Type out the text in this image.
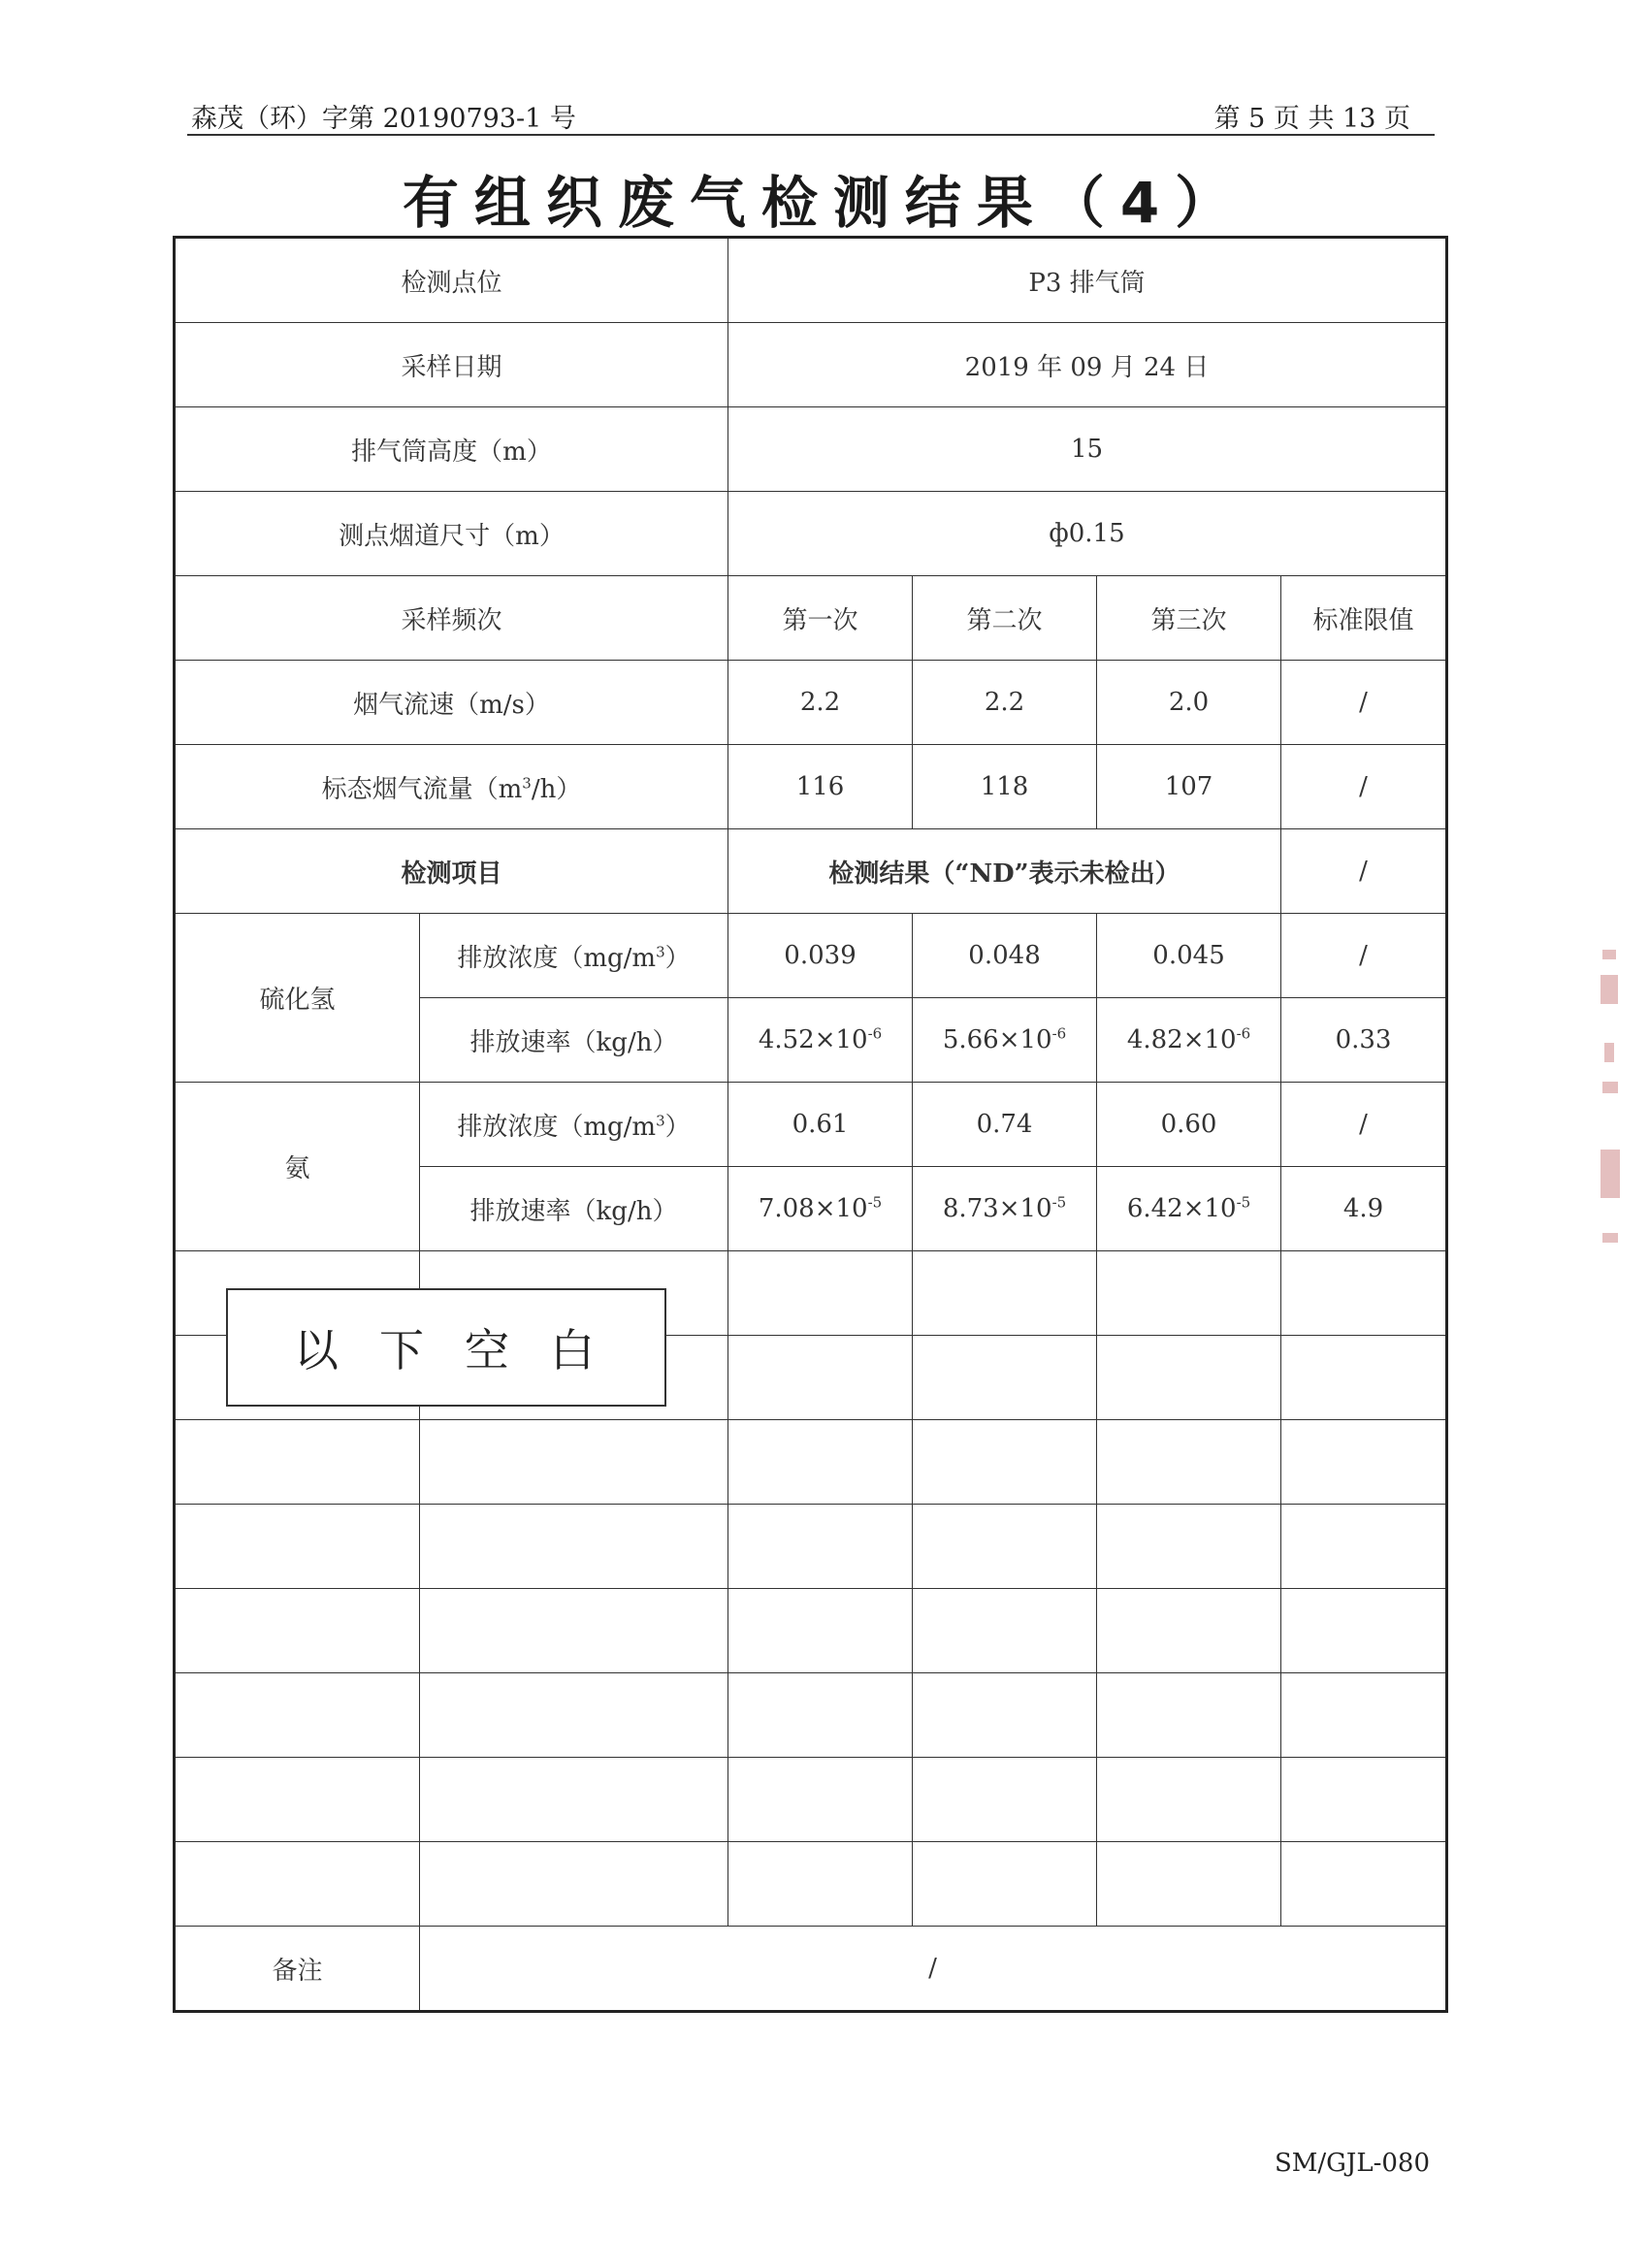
森茂（环）字第 20190793-1 号	第 5 页 共 13 页
有组织废气检测结果（4）
检测点位		P3 排气筒			
采样日期		2019 年 09 月 24 日			
排气筒高度（m）		15			
测点烟道尺寸（m）		ф0.15			
采样频次		第一次	第二次	第三次	标准限值
烟气流速（m/s）		2.2	2.2	2.0	/
标态烟气流量$(m^3/h)$		116	118	107	/
检测项目		检测结果（“ND”表示未检出）			/
硫化氢	排放浓度$(mg/m^3)$	0.039	0.048	0.045	/
	排放速率（kg/h）	$4.52\times 10^{-6}$	$5.66\times 10^{-6}$	$4.82\times 10^{-6}$	0.33
氨	排放浓度$(mg/m^3)$	0.61	0.74	0.60	/
	排放速率（kg/h）	$7.08\times 10^{-5}$	$8.73\times 10^{-5}$	$6.42\times 10^{-5}$	4.9

备注	/				
以下空白
SM/GJL-080
